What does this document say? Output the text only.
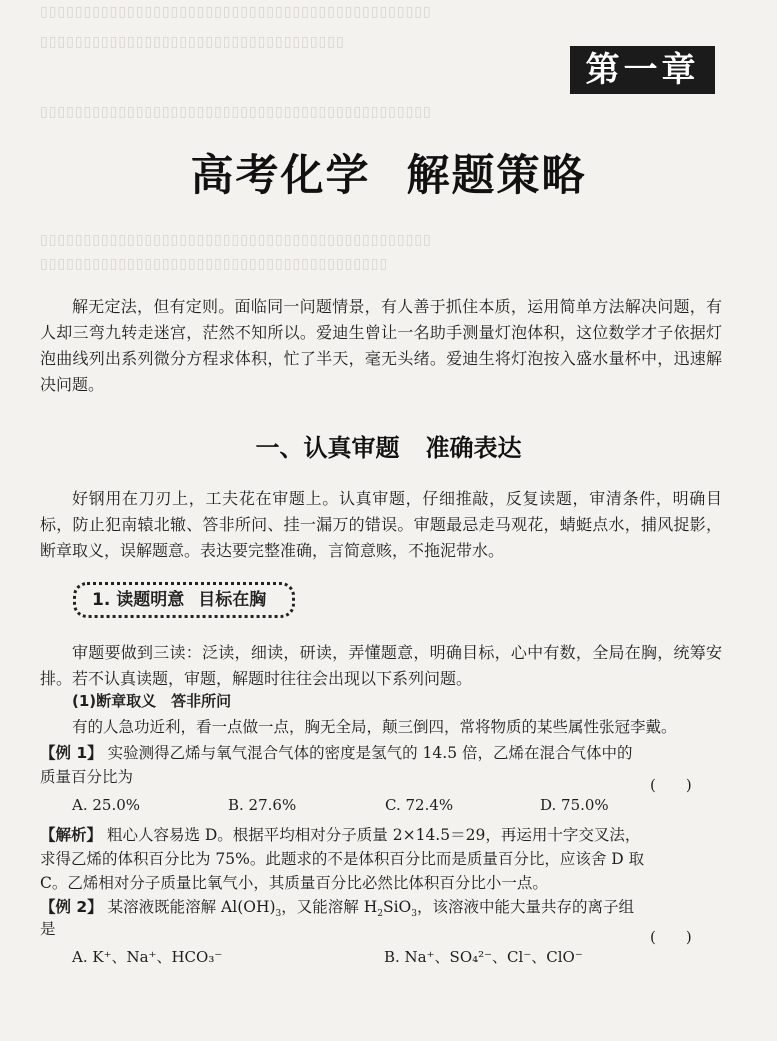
▯▯▯▯▯▯▯▯▯▯▯▯▯▯▯▯▯▯▯▯▯▯▯▯▯▯▯▯▯▯▯▯▯▯▯▯▯▯▯▯▯▯▯▯▯
▯▯▯▯▯▯▯▯▯▯▯▯▯▯▯▯▯▯▯▯▯▯▯▯▯▯▯▯▯▯▯▯▯▯▯
▯▯▯▯▯▯▯▯▯▯▯▯▯▯▯▯▯▯▯▯▯▯▯▯▯▯▯▯▯▯▯▯▯▯▯▯▯▯▯▯▯▯▯▯▯
▯▯▯▯▯▯▯▯▯▯▯▯▯▯▯▯▯▯▯▯▯▯▯▯▯▯▯▯▯▯▯▯▯▯▯▯▯▯▯▯▯▯▯▯▯
▯▯▯▯▯▯▯▯▯▯▯▯▯▯▯▯▯▯▯▯▯▯▯▯▯▯▯▯▯▯▯▯▯▯▯▯▯▯▯▯
第一章
高考化学 解题策略
解无定法，但有定则。面临同一问题情景，有人善于抓住本质，运用简单方法解决问题，有人却三弯九转走迷宫，茫然不知所以。爱迪生曾让一名助手测量灯泡体积，这位数学才子依据灯泡曲线列出系列微分方程求体积，忙了半天，毫无头绪。爱迪生将灯泡按入盛水量杯中，迅速解决问题。
一、认真审题 准确表达
好钢用在刀刃上，工夫花在审题上。认真审题，仔细推敲，反复读题，审清条件，明确目标，防止犯南辕北辙、答非所问、挂一漏万的错误。审题最忌走马观花，蜻蜓点水，捕风捉影，断章取义，误解题意。表达要完整准确，言简意赅，不拖泥带水。
1. 读题明意 目标在胸
审题要做到三读：泛读，细读，研读，弄懂题意，明确目标，心中有数，全局在胸，统筹安排。若不认真读题，审题，解题时往往会出现以下系列问题。
(1)断章取义　答非所问
有的人急功近利，看一点做一点，胸无全局，颠三倒四，常将物质的某些属性张冠李戴。
【例 1】 实验测得乙烯与氧气混合气体的密度是氢气的 14.5 倍，乙烯在混合气体中的
质量百分比为	(　　)
A. 25.0%	B. 27.6%	C. 72.4%	D. 75.0%
【解析】 粗心人容易选 D。根据平均相对分子质量 2×14.5＝29，再运用十字交叉法，
求得乙烯的体积百分比为 75%。此题求的不是体积百分比而是质量百分比，应该舍 D 取
C。乙烯相对分子质量比氧气小，其质量百分比必然比体积百分比小一点。
【例 2】 某溶液既能溶解 $Al(OH)_3$，又能溶解 $H_2SiO_3$，该溶液中能大量共存的离子组
是	(　　)
A. K⁺、Na⁺、HCO₃⁻	B. Na⁺、SO₄²⁻、Cl⁻、ClO⁻
